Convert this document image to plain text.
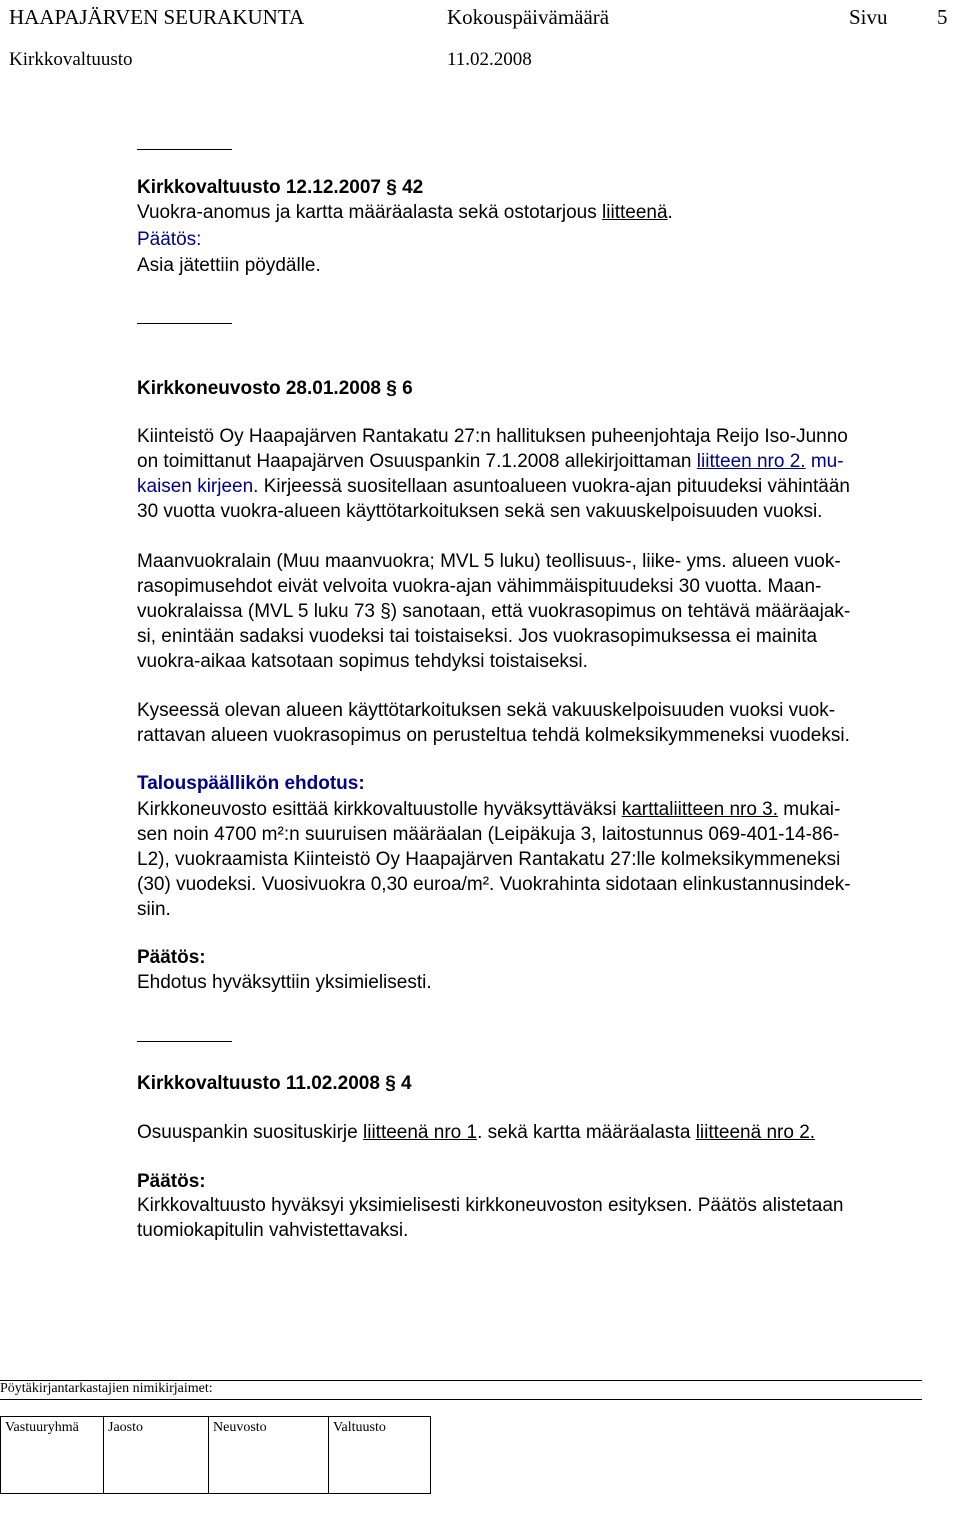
HAAPAJÄRVEN SEURAKUNTA	Kokouspäivämäärä	Sivu 5
Kirkkovaltuusto	11.02.2008
Kirkkovaltuusto 12.12.2007 § 42
Vuokra-anomus ja kartta määräalasta sekä ostotarjous liitteenä.
Päätös:
Asia jätettiin pöydälle.
Kirkkoneuvosto 28.01.2008 § 6
Kiinteistö Oy Haapajärven Rantakatu 27:n hallituksen puheenjohtaja Reijo Iso-Junno
on toimittanut Haapajärven Osuuspankin 7.1.2008 allekirjoittaman liitteen nro 2. mu-
kaisen kirjeen. Kirjeessä suositellaan asuntoalueen vuokra-ajan pituudeksi vähintään
30 vuotta vuokra-alueen käyttötarkoituksen sekä sen vakuuskelpoisuuden vuoksi.
Maanvuokralain (Muu maanvuokra; MVL 5 luku) teollisuus-, liike- yms. alueen vuok-
rasopimusehdot eivät velvoita vuokra-ajan vähimmäispituudeksi 30 vuotta. Maan-
vuokralaissa (MVL 5 luku 73 §) sanotaan, että vuokrasopimus on tehtävä määräajak-
si, enintään sadaksi vuodeksi tai toistaiseksi. Jos vuokrasopimuksessa ei mainita
vuokra-aikaa katsotaan sopimus tehdyksi toistaiseksi.
Kyseessä olevan alueen käyttötarkoituksen sekä vakuuskelpoisuuden vuoksi vuok-
rattavan alueen vuokrasopimus on perusteltua tehdä kolmeksikymmeneksi vuodeksi.
Talouspäällikön ehdotus:
Kirkkoneuvosto esittää kirkkovaltuustolle hyväksyttäväksi karttaliitteen nro 3. mukai-
sen noin 4700 m²:n suuruisen määräalan (Leipäkuja 3, laitostunnus 069-401-14-86-
L2), vuokraamista Kiinteistö Oy Haapajärven Rantakatu 27:lle kolmeksikymmeneksi
(30) vuodeksi. Vuosivuokra 0,30 euroa/m². Vuokrahinta sidotaan elinkustannusindek-
siin.
Päätös:
Ehdotus hyväksyttiin yksimielisesti.
Kirkkovaltuusto 11.02.2008 § 4
Osuuspankin suosituskirje liitteenä nro 1. sekä kartta määräalasta liitteenä nro 2.
Päätös:
Kirkkovaltuusto hyväksyi yksimielisesti kirkkoneuvoston esityksen. Päätös alistetaan
tuomiokapitulin vahvistettavaksi.
Pöytäkirjantarkastajien nimikirjaimet:
Vastuuryhmä	Jaosto	Neuvosto	Valtuusto
